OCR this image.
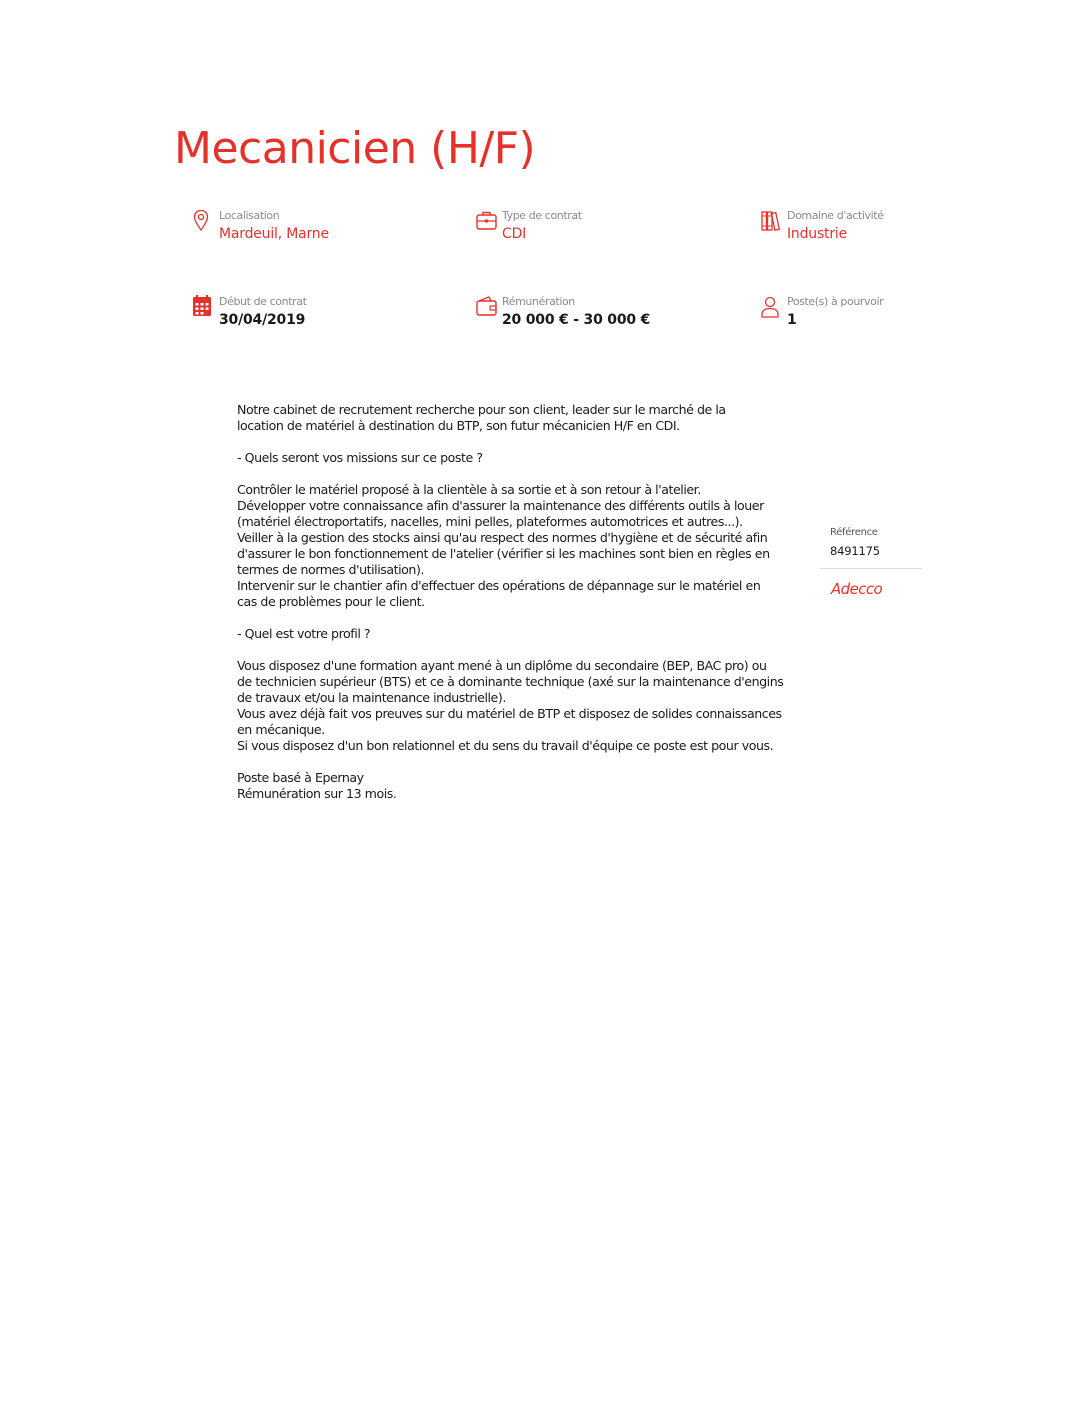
Mecanicien (H/F)
Localisation
Mardeuil, Marne
Type de contrat
CDI
Domaine d'activité
Industrie
Début de contrat
30/04/2019
Rémunération
20 000 € - 30 000 €
Poste(s) à pourvoir
1

Notre cabinet de recrutement recherche pour son client, leader sur le marché de la
location de matériel à destination du BTP, son futur mécanicien H/F en CDI.

- Quels seront vos missions sur ce poste ?

Contrôler le matériel proposé à la clientèle à sa sortie et à son retour à l'atelier.
Développer votre connaissance afin d'assurer la maintenance des différents outils à louer
(matériel électroportatifs, nacelles, mini pelles, plateformes automotrices et autres...).
Veiller à la gestion des stocks ainsi qu'au respect des normes d'hygiène et de sécurité afin
d'assurer le bon fonctionnement de l'atelier (vérifier si les machines sont bien en règles en
termes de normes d'utilisation).
Intervenir sur le chantier afin d'effectuer des opérations de dépannage sur le matériel en
cas de problèmes pour le client.

- Quel est votre profil ?

Vous disposez d'une formation ayant mené à un diplôme du secondaire (BEP, BAC pro) ou
de technicien supérieur (BTS) et ce à dominante technique (axé sur la maintenance d'engins
de travaux et/ou la maintenance industrielle).
Vous avez déjà fait vos preuves sur du matériel de BTP et disposez de solides connaissances
en mécanique.
Si vous disposez d'un bon relationnel et du sens du travail d'équipe ce poste est pour vous.

Poste basé à Epernay
Rémunération sur 13 mois.

Référence
8491175
Adecco
